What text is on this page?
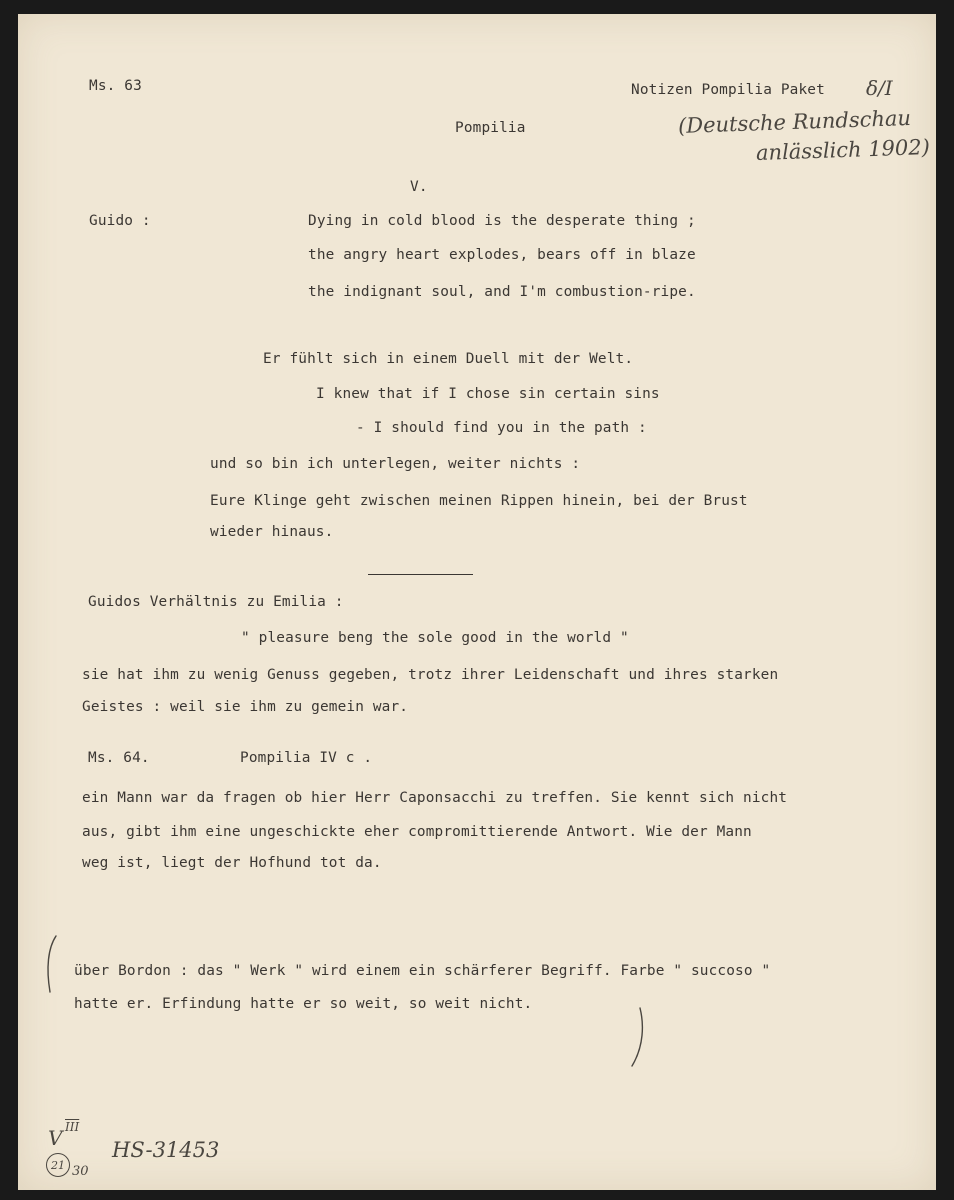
Ms. 63	Notizen Pompilia Paket δ/I

Pompilia	(Deutsche Rundschau
anlässlich 1902)

V.

Guido :	Dying in cold blood is the desperate thing ;

the angry heart explodes, bears off in blaze

the indignant soul, and I'm combustion-ripe.

Er fühlt sich in einem Duell mit der Welt.

I knew that if I chose sin certain sins

- I should find you in the path :

und so bin ich unterlegen, weiter nichts :

Eure Klinge geht zwischen meinen Rippen hinein, bei der Brust

wieder hinaus.

Guidos Verhältnis zu Emilia :

" pleasure beng the sole good in the world "

sie hat ihm zu wenig Genuss gegeben, trotz ihrer Leidenschaft und ihres starken

Geistes : weil sie ihm zu gemein war.

Ms. 64.	Pompilia IV c .

ein Mann war da fragen ob hier Herr Caponsacchi zu treffen. Sie kennt sich nicht

aus, gibt ihm eine ungeschickte eher compromittierende Antwort. Wie der Mann

weg ist, liegt der Hofhund tot da.

über Bordon : das " Werk " wird einem ein schärferer Begriff. Farbe " succoso "

hatte er. Erfindung hatte er so weit, so weit nicht.

V $\overline{III}$
21 30
HS-31453
